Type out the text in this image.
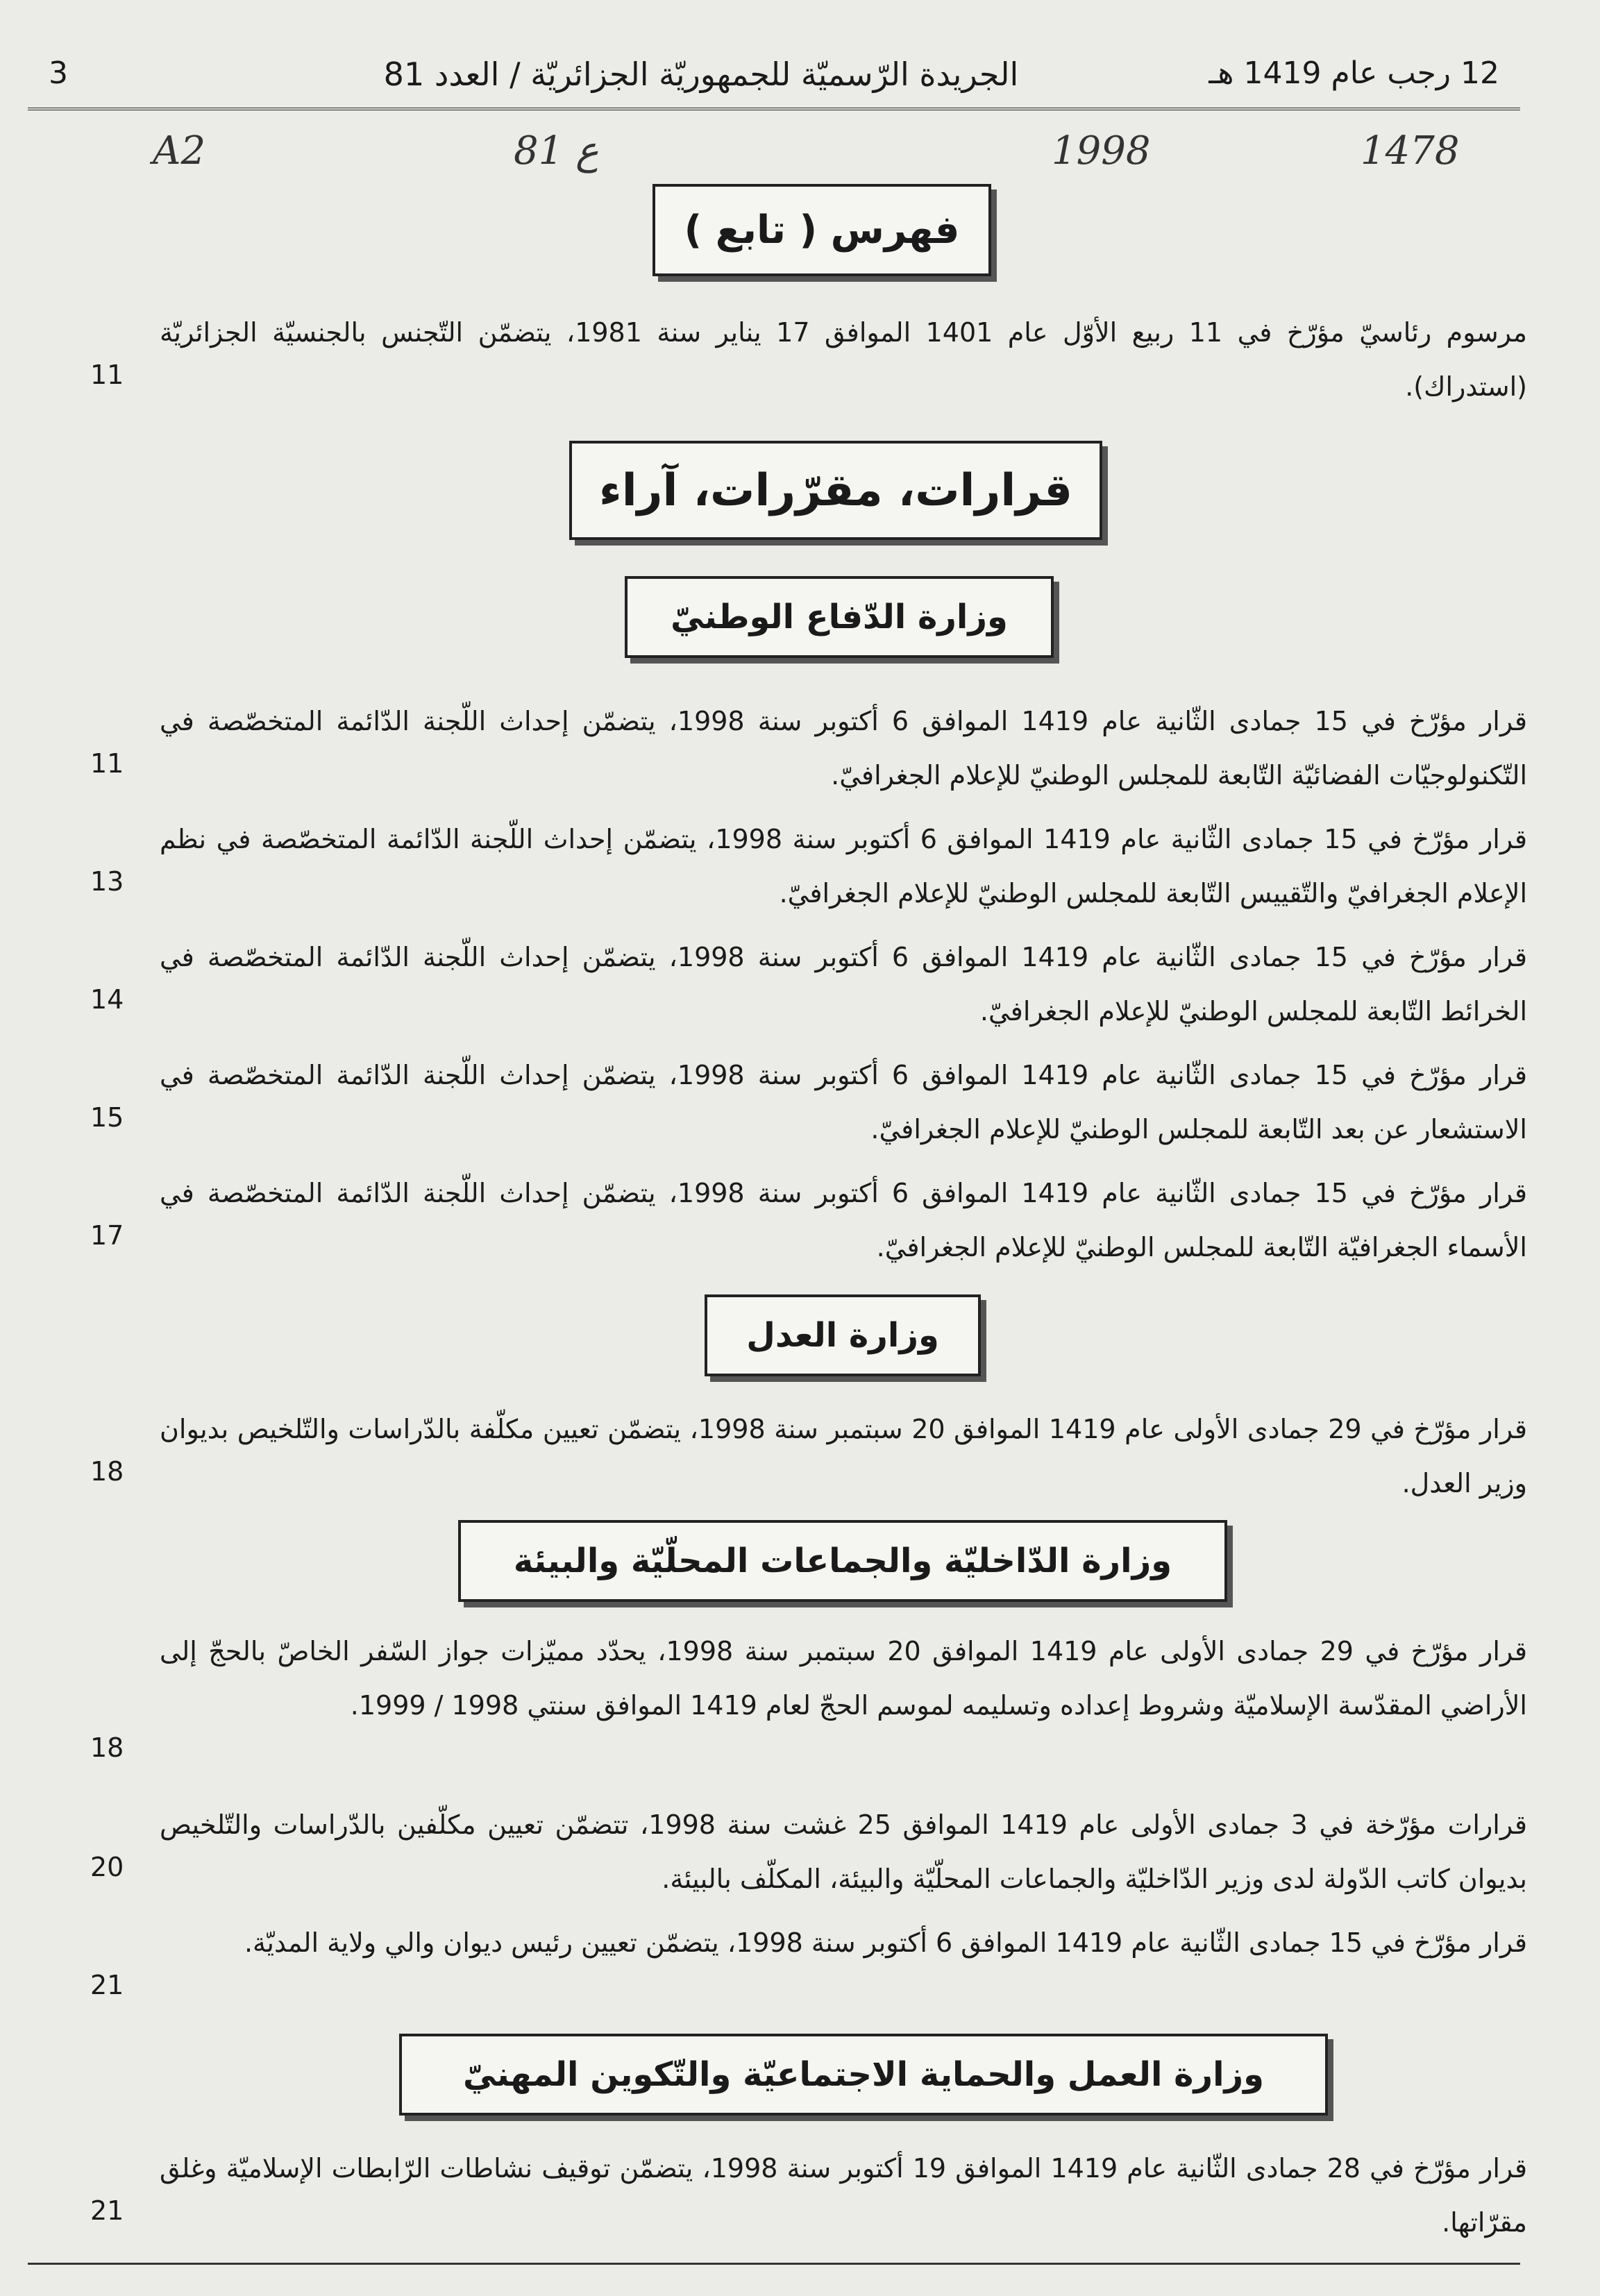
12 رجب عام 1419 هـ
الجريدة الرّسميّة للجمهوريّة الجزائريّة / العدد 81
3
A2	81 ع	1998	1478
فهرس ( تابع )
مرسوم رئاسيّ مؤرّخ في 11 ربيع الأوّل عام 1401 الموافق 17 يناير سنة 1981، يتضمّن التّجنس بالجنسيّة الجزائريّة (استدراك).
11
قرارات، مقرّرات، آراء
وزارة الدّفاع الوطنيّ
قرار مؤرّخ في 15 جمادى الثّانية عام 1419 الموافق 6 أكتوبر سنة 1998، يتضمّن إحداث اللّجنة الدّائمة المتخصّصة في التّكنولوجيّات الفضائيّة التّابعة للمجلس الوطنيّ للإعلام الجغرافيّ.
11
قرار مؤرّخ في 15 جمادى الثّانية عام 1419 الموافق 6 أكتوبر سنة 1998، يتضمّن إحداث اللّجنة الدّائمة المتخصّصة في نظم الإعلام الجغرافيّ والتّقييس التّابعة للمجلس الوطنيّ للإعلام الجغرافيّ.
13
قرار مؤرّخ في 15 جمادى الثّانية عام 1419 الموافق 6 أكتوبر سنة 1998، يتضمّن إحداث اللّجنة الدّائمة المتخصّصة في الخرائط التّابعة للمجلس الوطنيّ للإعلام الجغرافيّ.
14
قرار مؤرّخ في 15 جمادى الثّانية عام 1419 الموافق 6 أكتوبر سنة 1998، يتضمّن إحداث اللّجنة الدّائمة المتخصّصة في الاستشعار عن بعد التّابعة للمجلس الوطنيّ للإعلام الجغرافيّ.
15
قرار مؤرّخ في 15 جمادى الثّانية عام 1419 الموافق 6 أكتوبر سنة 1998، يتضمّن إحداث اللّجنة الدّائمة المتخصّصة في الأسماء الجغرافيّة التّابعة للمجلس الوطنيّ للإعلام الجغرافيّ.
17
وزارة العدل
قرار مؤرّخ في 29 جمادى الأولى عام 1419 الموافق 20 سبتمبر سنة 1998، يتضمّن تعيين مكلّفة بالدّراسات والتّلخيص بديوان وزير العدل.
18
وزارة الدّاخليّة والجماعات المحلّيّة والبيئة
قرار مؤرّخ في 29 جمادى الأولى عام 1419 الموافق 20 سبتمبر سنة 1998، يحدّد مميّزات جواز السّفر الخاصّ بالحجّ إلى الأراضي المقدّسة الإسلاميّة وشروط إعداده وتسليمه لموسم الحجّ لعام 1419 الموافق سنتي 1998 / 1999.
18
قرارات مؤرّخة في 3 جمادى الأولى عام 1419 الموافق 25 غشت سنة 1998، تتضمّن تعيين مكلّفين بالدّراسات والتّلخيص بديوان كاتب الدّولة لدى وزير الدّاخليّة والجماعات المحلّيّة والبيئة، المكلّف بالبيئة.
20
قرار مؤرّخ في 15 جمادى الثّانية عام 1419 الموافق 6 أكتوبر سنة 1998، يتضمّن تعيين رئيس ديوان والي ولاية المديّة.
21
وزارة العمل والحماية الاجتماعيّة والتّكوين المهنيّ
قرار مؤرّخ في 28 جمادى الثّانية عام 1419 الموافق 19 أكتوبر سنة 1998، يتضمّن توقيف نشاطات الرّابطات الإسلاميّة وغلق مقرّاتها.
21
